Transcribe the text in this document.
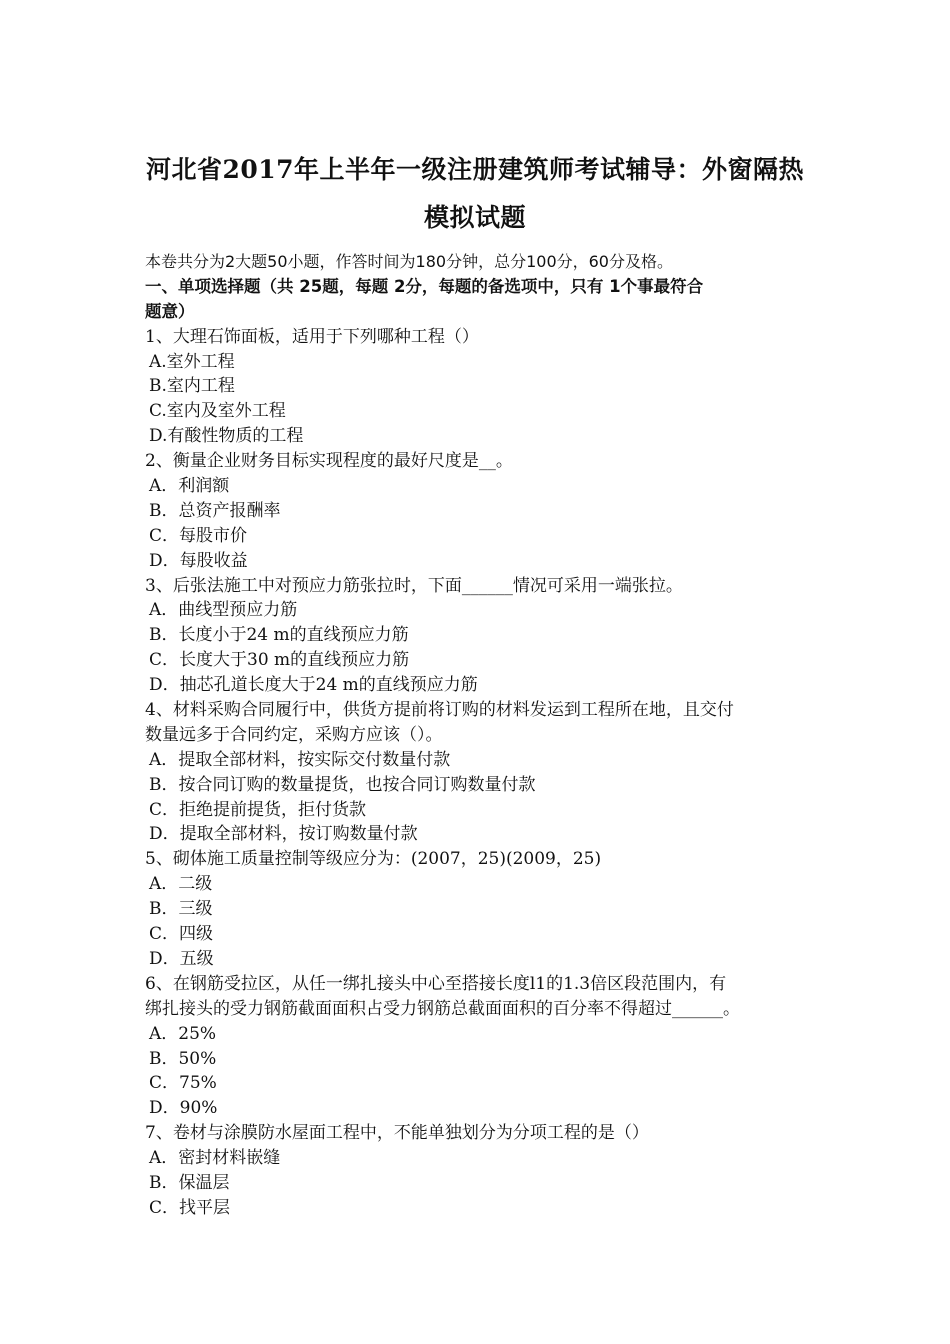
河北省2017年上半年一级注册建筑师考试辅导：外窗隔热
模拟试题
本卷共分为2大题50小题，作答时间为180分钟，总分100分，60分及格。
一、单项选择题（共 25题，每题 2分，每题的备选项中，只有 1个事最符合
题意）
1、大理石饰面板，适用于下列哪种工程（）
A.室外工程
B.室内工程
C.室内及室外工程
D.有酸性物质的工程
2、衡量企业财务目标实现程度的最好尺度是__。
A．利润额
B．总资产报酬率
C．每股市价
D．每股收益
3、后张法施工中对预应力筋张拉时，下面______情况可采用一端张拉。
A．曲线型预应力筋
B．长度小于24 m的直线预应力筋
C．长度大于30 m的直线预应力筋
D．抽芯孔道长度大于24 m的直线预应力筋
4、材料采购合同履行中，供货方提前将订购的材料发运到工程所在地，且交付
数量远多于合同约定，采购方应该（）。
A．提取全部材料，按实际交付数量付款
B．按合同订购的数量提货，也按合同订购数量付款
C．拒绝提前提货，拒付货款
D．提取全部材料，按订购数量付款
5、砌体施工质量控制等级应分为：(2007，25)(2009，25)
A．二级
B．三级
C．四级
D．五级
6、在钢筋受拉区，从任一绑扎接头中心至搭接长度l1的1.3倍区段范围内，有
绑扎接头的受力钢筋截面面积占受力钢筋总截面面积的百分率不得超过______。
A．25%
B．50%
C．75%
D．90%
7、卷材与涂膜防水屋面工程中，不能单独划分为分项工程的是（）
A．密封材料嵌缝
B．保温层
C．找平层
